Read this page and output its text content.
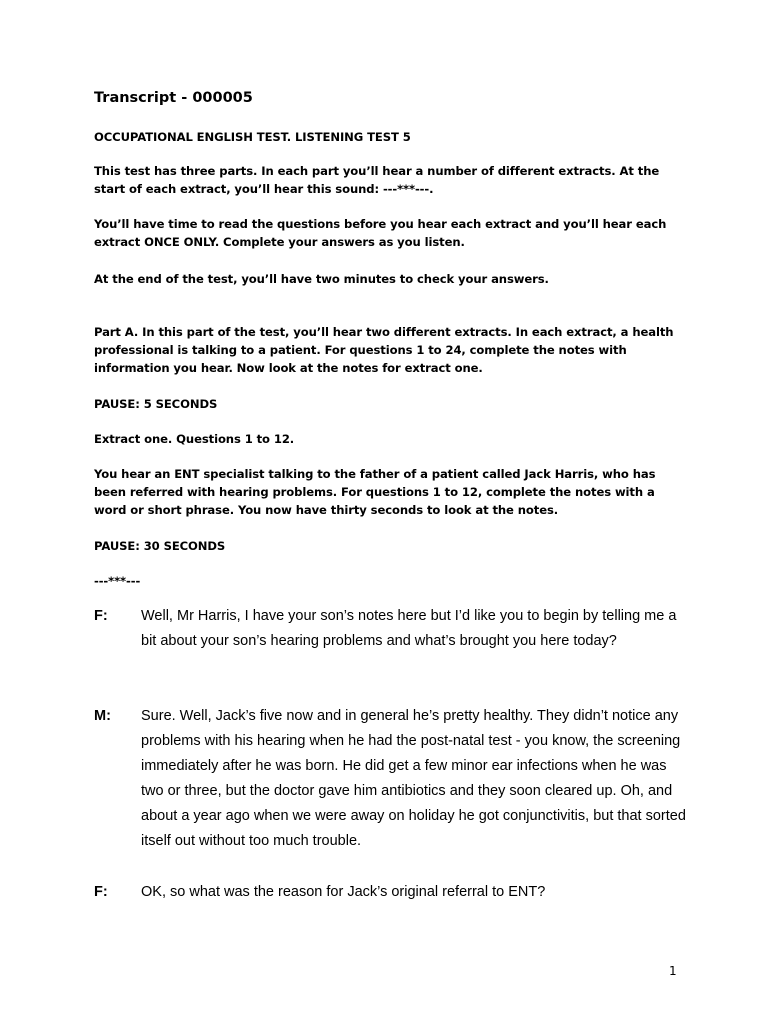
Transcript - 000005

OCCUPATIONAL ENGLISH TEST. LISTENING TEST 5

This test has three parts. In each part you’ll hear a number of different extracts. At the start of each extract, you’ll hear this sound: ---***---.

You’ll have time to read the questions before you hear each extract and you’ll hear each extract ONCE ONLY. Complete your answers as you listen.

At the end of the test, you’ll have two minutes to check your answers.

Part A. In this part of the test, you’ll hear two different extracts. In each extract, a health professional is talking to a patient. For questions 1 to 24, complete the notes with information you hear. Now look at the notes for extract one.

PAUSE: 5 SECONDS

Extract one. Questions 1 to 12.

You hear an ENT specialist talking to the father of a patient called Jack Harris, who has been referred with hearing problems. For questions 1 to 12, complete the notes with a word or short phrase. You now have thirty seconds to look at the notes.

PAUSE: 30 SECONDS

---***---

F: Well, Mr Harris, I have your son’s notes here but I’d like you to begin by telling me a bit about your son’s hearing problems and what’s brought you here today?

M: Sure. Well, Jack’s five now and in general he’s pretty healthy. They didn’t notice any problems with his hearing when he had the post-natal test - you know, the screening immediately after he was born. He did get a few minor ear infections when he was two or three, but the doctor gave him antibiotics and they soon cleared up. Oh, and about a year ago when we were away on holiday he got conjunctivitis, but that sorted itself out without too much trouble.

F: OK, so what was the reason for Jack’s original referral to ENT?

1
